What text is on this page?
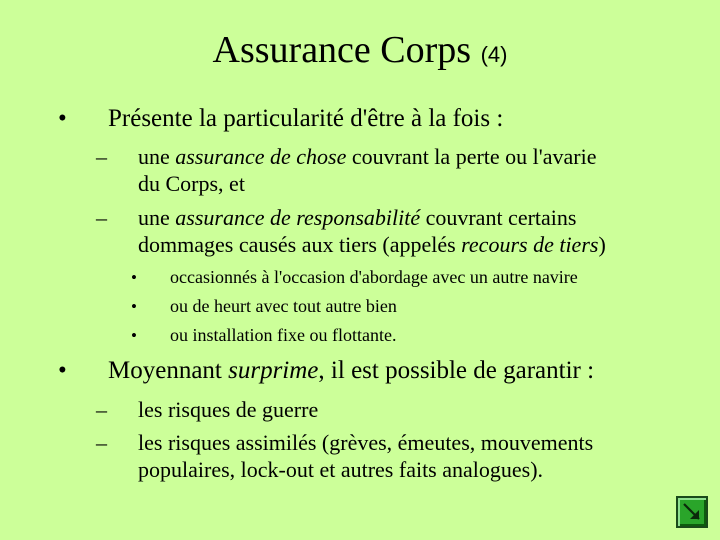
Assurance Corps (4)
• Présente la particularité d'être à la fois :
– une assurance de chose couvrant la perte ou l'avarie
du Corps, et
– une assurance de responsabilité couvrant certains
dommages causés aux tiers (appelés recours de tiers)
• occasionnés à l'occasion d'abordage avec un autre navire
• ou de heurt avec tout autre bien
• ou installation fixe ou flottante.
• Moyennant surprime, il est possible de garantir :
– les risques de guerre
– les risques assimilés (grèves, émeutes, mouvements
populaires, lock-out et autres faits analogues).
